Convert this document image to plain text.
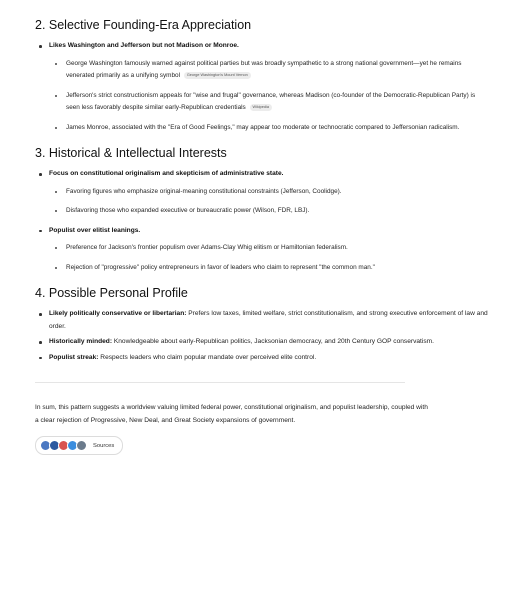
2. Selective Founding-Era Appreciation
Likes Washington and Jefferson but not Madison or Monroe.
George Washington famously warned against political parties but was broadly sympathetic to a strong national government—yet he remains venerated primarily as a unifying symbol George Washington's Mount Vernon
Jefferson's strict constructionism appeals for "wise and frugal" governance, whereas Madison (co-founder of the Democratic-Republican Party) is seen less favorably despite similar early-Republican credentials Wikipedia
James Monroe, associated with the "Era of Good Feelings," may appear too moderate or technocratic compared to Jeffersonian radicalism.
3. Historical & Intellectual Interests
Focus on constitutional originalism and skepticism of administrative state.
Favoring figures who emphasize original-meaning constitutional constraints (Jefferson, Coolidge).
Disfavoring those who expanded executive or bureaucratic power (Wilson, FDR, LBJ).
Populist over elitist leanings.
Preference for Jackson's frontier populism over Adams-Clay Whig elitism or Hamiltonian federalism.
Rejection of "progressive" policy entrepreneurs in favor of leaders who claim to represent "the common man."
4. Possible Personal Profile
Likely politically conservative or libertarian: Prefers low taxes, limited welfare, strict constitutionalism, and strong executive enforcement of law and order.
Historically minded: Knowledgeable about early-Republican politics, Jacksonian democracy, and 20th Century GOP conservatism.
Populist streak: Respects leaders who claim popular mandate over perceived elite control.

In sum, this pattern suggests a worldview valuing limited federal power, constitutional originalism, and populist leadership, coupled with a clear rejection of Progressive, New Deal, and Great Society expansions of government.

Sources
